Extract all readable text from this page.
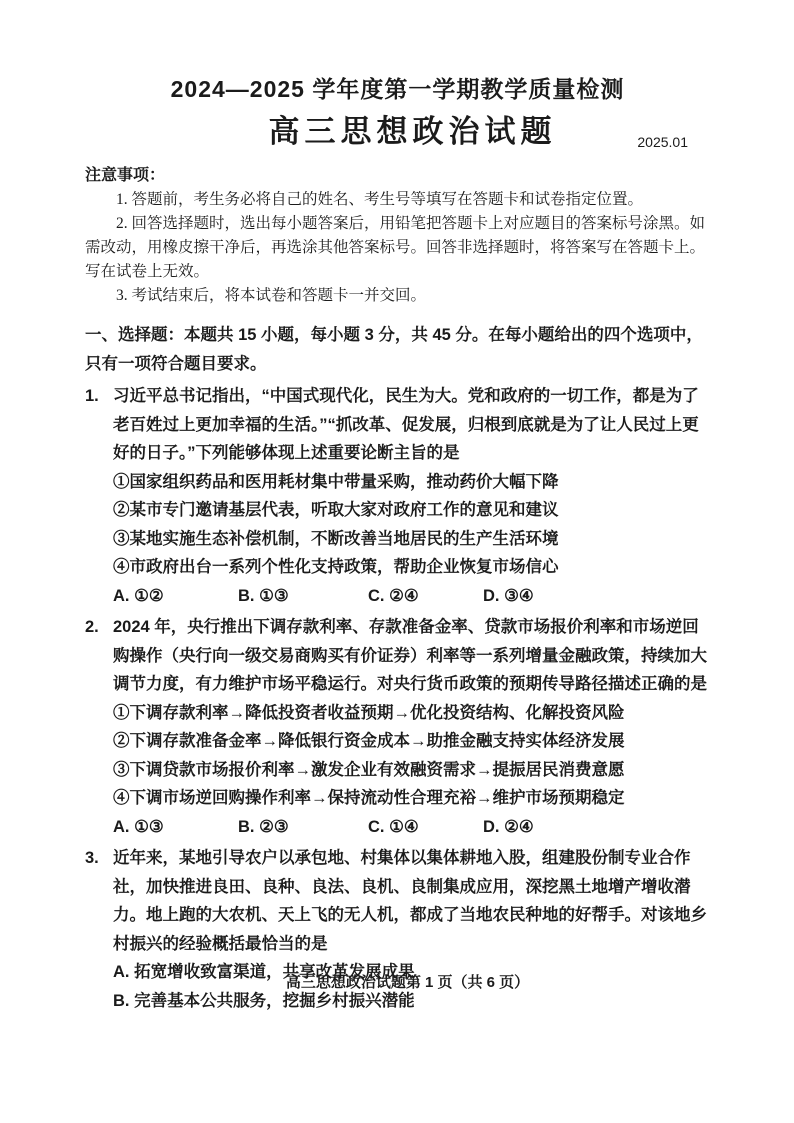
2024—2025 学年度第一学期教学质量检测
高三思想政治试题	2025.01
注意事项：

1. 答题前，考生务必将自己的姓名、考生号等填写在答题卡和试卷指定位置。

2. 回答选择题时，选出每小题答案后，用铅笔把答题卡上对应题目的答案标号涂黑。如需改动，用橡皮擦干净后，再选涂其他答案标号。回答非选择题时，将答案写在答题卡上。写在试卷上无效。

3. 考试结束后，将本试卷和答题卡一并交回。

一、选择题：本题共 15 小题，每小题 3 分，共 45 分。在每小题给出的四个选项中，只有一项符合题目要求。
1. 习近平总书记指出，“中国式现代化，民生为大。党和政府的一切工作，都是为了老百姓过上更加幸福的生活。”“抓改革、促发展，归根到底就是为了让人民过上更好的日子。”下列能够体现上述重要论断主旨的是
①国家组织药品和医用耗材集中带量采购，推动药价大幅下降
②某市专门邀请基层代表，听取大家对政府工作的意见和建议
③某地实施生态补偿机制，不断改善当地居民的生产生活环境
④市政府出台一系列个性化支持政策，帮助企业恢复市场信心
A. ①②	B. ①③	C. ②④	D. ③④
2. 2024 年，央行推出下调存款利率、存款准备金率、贷款市场报价利率和市场逆回购操作（央行向一级交易商购买有价证券）利率等一系列增量金融政策，持续加大调节力度，有力维护市场平稳运行。对央行货币政策的预期传导路径描述正确的是
①下调存款利率→降低投资者收益预期→优化投资结构、化解投资风险
②下调存款准备金率→降低银行资金成本→助推金融支持实体经济发展
③下调贷款市场报价利率→激发企业有效融资需求→提振居民消费意愿
④下调市场逆回购操作利率→保持流动性合理充裕→维护市场预期稳定
A. ①③	B. ②③	C. ①④	D. ②④
3. 近年来，某地引导农户以承包地、村集体以集体耕地入股，组建股份制专业合作社，加快推进良田、良种、良法、良机、良制集成应用，深挖黑土地增产增收潜力。地上跑的大农机、天上飞的无人机，都成了当地农民种地的好帮手。对该地乡村振兴的经验概括最恰当的是
A. 拓宽增收致富渠道，共享改革发展成果
B. 完善基本公共服务，挖掘乡村振兴潜能
高三思想政治试题第 1 页（共 6 页）
